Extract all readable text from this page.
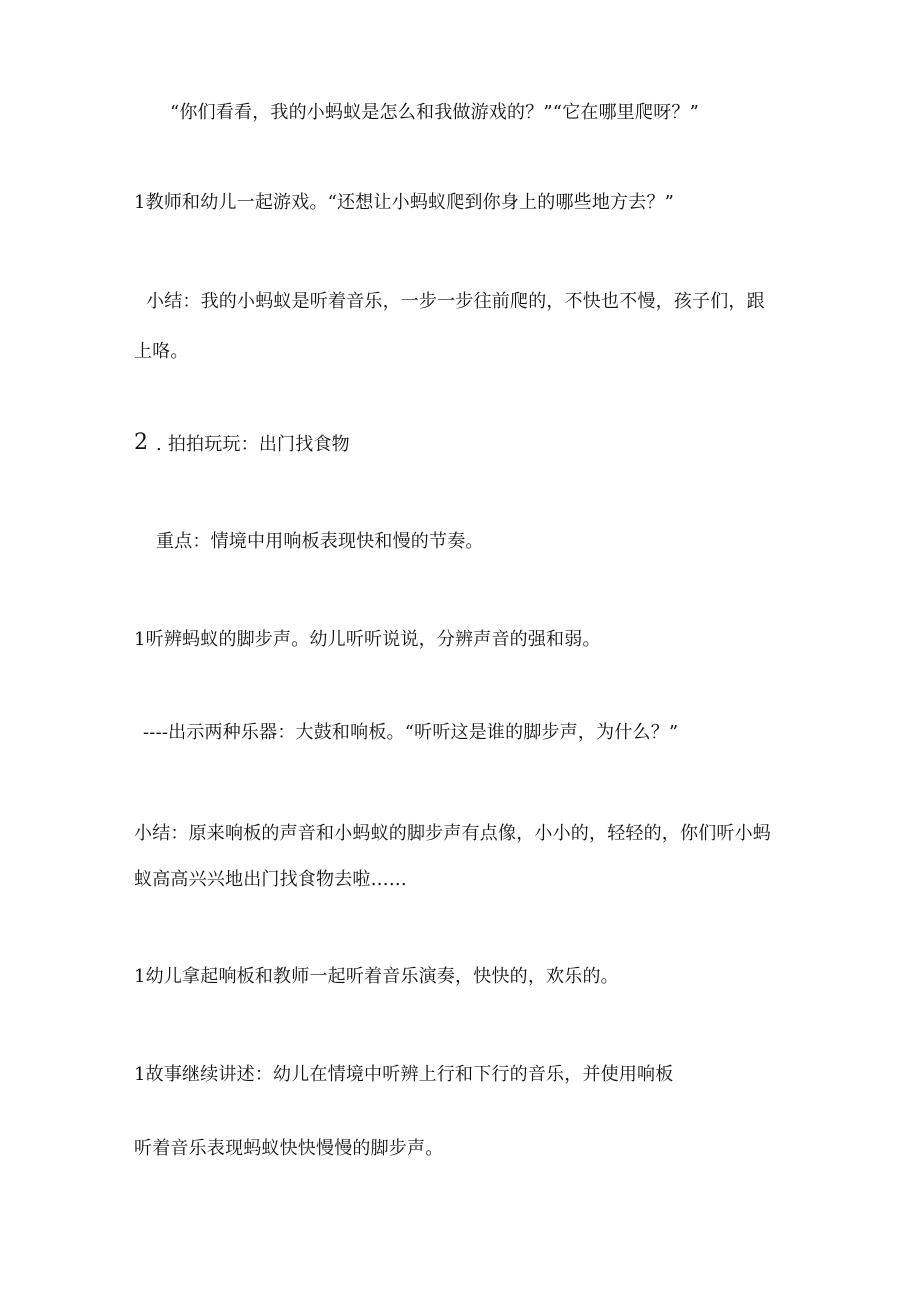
“你们看看，我的小蚂蚁是怎么和我做游戏的？”“它在哪里爬呀？”
1教师和幼儿一起游戏。“还想让小蚂蚁爬到你身上的哪些地方去？”
小结：我的小蚂蚁是听着音乐，一步一步往前爬的，不快也不慢，孩子们，跟
上咯。
2 . 拍拍玩玩：出门找食物
重点：情境中用响板表现快和慢的节奏。
1听辨蚂蚁的脚步声。幼儿听听说说，分辨声音的强和弱。
----出示两种乐器：大鼓和响板。“听听这是谁的脚步声，为什么？”
小结：原来响板的声音和小蚂蚁的脚步声有点像，小小的，轻轻的，你们听小蚂
蚁高高兴兴地出门找食物去啦……
1幼儿拿起响板和教师一起听着音乐演奏，快快的，欢乐的。
1故事继续讲述：幼儿在情境中听辨上行和下行的音乐，并使用响板
听着音乐表现蚂蚁快快慢慢的脚步声。
